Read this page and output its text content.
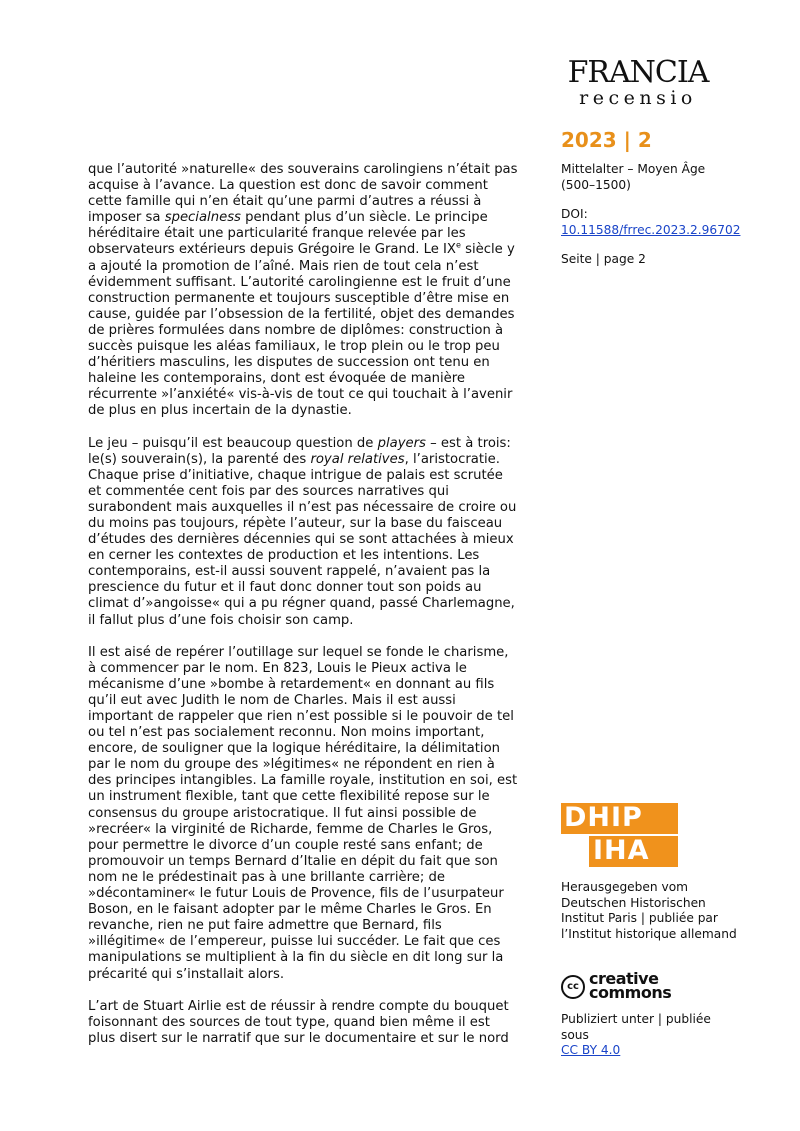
FRANCIA
recensio
2023 | 2
Mittelalter – Moyen Âge (500–1500)
DOI:
10.11588/frrec.2023.2.96702
Seite | page 2

que l’autorité »naturelle« des souverains carolingiens n’était pas acquise à l’avance. La question est donc de savoir comment cette famille qui n’en était qu’une parmi d’autres a réussi à imposer sa specialness pendant plus d’un siècle. Le principe héréditaire était une particularité franque relevée par les observateurs extérieurs depuis Grégoire le Grand. Le IXe siècle y a ajouté la promotion de l’aîné. Mais rien de tout cela n’est évidemment suffisant. L’autorité carolingienne est le fruit d’une construction permanente et toujours susceptible d’être mise en cause, guidée par l’obsession de la fertilité, objet des demandes de prières formulées dans nombre de diplômes: construction à succès puisque les aléas familiaux, le trop plein ou le trop peu d’héritiers masculins, les disputes de succession ont tenu en haleine les contemporains, dont est évoquée de manière récurrente »l’anxiété« vis-à-vis de tout ce qui touchait à l’avenir de plus en plus incertain de la dynastie.

Le jeu – puisqu’il est beaucoup question de players – est à trois: le(s) souverain(s), la parenté des royal relatives, l’aristocratie. Chaque prise d’initiative, chaque intrigue de palais est scrutée et commentée cent fois par des sources narratives qui surabondent mais auxquelles il n’est pas nécessaire de croire ou du moins pas toujours, répète l’auteur, sur la base du faisceau d’études des dernières décennies qui se sont attachées à mieux en cerner les contextes de production et les intentions. Les contemporains, est-il aussi souvent rappelé, n’avaient pas la prescience du futur et il faut donc donner tout son poids au climat d’»angoisse« qui a pu régner quand, passé Charlemagne, il fallut plus d’une fois choisir son camp.

Il est aisé de repérer l’outillage sur lequel se fonde le charisme, à commencer par le nom. En 823, Louis le Pieux activa le mécanisme d’une »bombe à retardement« en donnant au fils qu’il eut avec Judith le nom de Charles. Mais il est aussi important de rappeler que rien n’est possible si le pouvoir de tel ou tel n’est pas socialement reconnu. Non moins important, encore, de souligner que la logique héréditaire, la délimitation par le nom du groupe des »légitimes« ne répondent en rien à des principes intangibles. La famille royale, institution en soi, est un instrument flexible, tant que cette flexibilité repose sur le consensus du groupe aristocratique. Il fut ainsi possible de »recréer« la virginité de Richarde, femme de Charles le Gros, pour permettre le divorce d’un couple resté sans enfant; de promouvoir un temps Bernard d’Italie en dépit du fait que son nom ne le prédestinait pas à une brillante carrière; de »décontaminer« le futur Louis de Provence, fils de l’usurpateur Boson, en le faisant adopter par le même Charles le Gros. En revanche, rien ne put faire admettre que Bernard, fils »illégitime« de l’empereur, puisse lui succéder. Le fait que ces manipulations se multiplient à la fin du siècle en dit long sur la précarité qui s’installait alors.

L’art de Stuart Airlie est de réussir à rendre compte du bouquet foisonnant des sources de tout type, quand bien même il est plus disert sur le narratif que sur le documentaire et sur le nord

DHIP
IHA
Herausgegeben vom Deutschen Historischen Institut Paris | publiée par l’Institut historique allemand
cc creative
commons
Publiziert unter | publiée sous
CC BY 4.0
